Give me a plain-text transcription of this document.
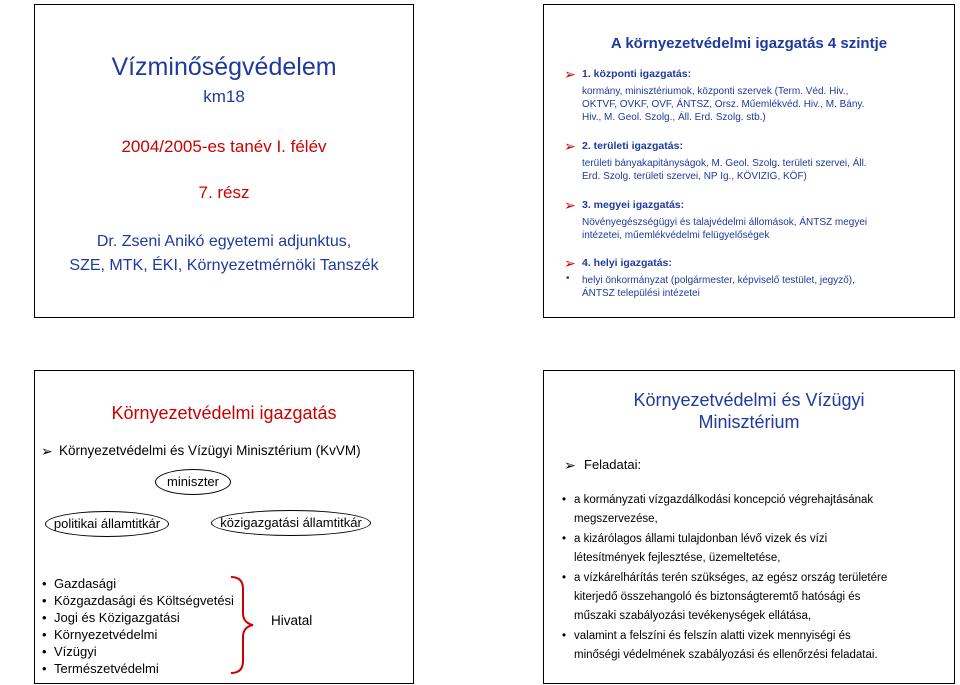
Vízminőségvédelem
km18
2004/2005-es tanév I. félév
7. rész
Dr. Zseni Anikó egyetemi adjunktus,
SZE, MTK, ÉKI, Környezetmérnöki Tanszék
A környezetvédelmi igazgatás 4 szintje
➢ 1. központi igazgatás:
kormány, minisztériumok, központi szervek (Term. Véd. Hiv.,
OKTVF, OVKF, OVF, ÁNTSZ, Orsz. Műemlékvéd. Hiv., M. Bány.
Hiv., M. Geol. Szolg., Áll. Erd. Szolg. stb.)
➢ 2. területi igazgatás:
területi bányakapitányságok, M. Geol. Szolg. területi szervei, Áll.
Erd. Szolg. területi szervei, NP Ig., KÖVIZIG, KÖF)
➢ 3. megyei igazgatás:
Növényegészségügyi és talajvédelmi állomások, ÁNTSZ megyei
intézetei, műemlékvédelmi felügyelőségek
➢ 4. helyi igazgatás:
• helyi önkormányzat (polgármester, képviselő testület, jegyző),
ÁNTSZ települési intézetei
Környezetvédelmi igazgatás
➢ Környezetvédelmi és Vízügyi Minisztérium (KvVM)
miniszter
politikai államtitkár	közigazgatási államtitkár
• Gazdasági
• Közgazdasági és Költségvetési
• Jogi és Közigazgatási
• Környezetvédelmi
• Vízügyi
• Természetvédelmi
Hivatal
Környezetvédelmi és Vízügyi
Minisztérium
➢ Feladatai:
• a kormányzati vízgazdálkodási koncepció végrehajtásának
megszervezése,
• a kizárólagos állami tulajdonban lévő vizek és vízi
létesítmények fejlesztése, üzemeltetése,
• a vízkárelhárítás terén szükséges, az egész ország területére
kiterjedő összehangoló és biztonságteremtő hatósági és
műszaki szabályozási tevékenységek ellátása,
• valamint a felszíni és felszín alatti vizek mennyiségi és
minőségi védelmének szabályozási és ellenőrzési feladatai.
